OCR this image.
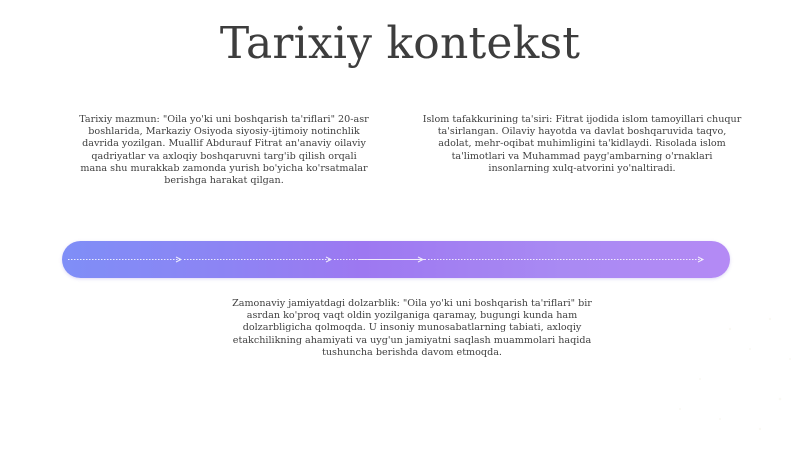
Tarixiy kontekst
Tarixiy mazmun: "Oila yo'ki uni boshqarish ta'riflari" 20-asr boshlarida, Markaziy Osiyoda siyosiy-ijtimoiy notinchlik davrida yozilgan. Muallif Abdurauf Fitrat an'anaviy oilaviy qadriyatlar va axloqiy boshqaruvni targ'ib qilish orqali mana shu murakkab zamonda yurish bo'yicha ko'rsatmalar berishga harakat qilgan.
Islom tafakkurining ta'siri: Fitrat ijodida islom tamoyillari chuqur ta'sirlangan. Oilaviy hayotda va davlat boshqaruvida taqvo, adolat, mehr-oqibat muhimligini ta'kidlaydi. Risolada islom ta'limotlari va Muhammad payg'ambarning o'rnaklari insonlarning xulq-atvorini yo'naltiradi.
Zamonaviy jamiyatdagi dolzarblik: "Oila yo'ki uni boshqarish ta'riflari" bir asrdan ko'proq vaqt oldin yozilganiga qaramay, bugungi kunda ham dolzarbligicha qolmoqda. U insoniy munosabatlarning tabiati, axloqiy etakchilikning ahamiyati va uyg'un jamiyatni saqlash muammolari haqida tushuncha berishda davom etmoqda.
